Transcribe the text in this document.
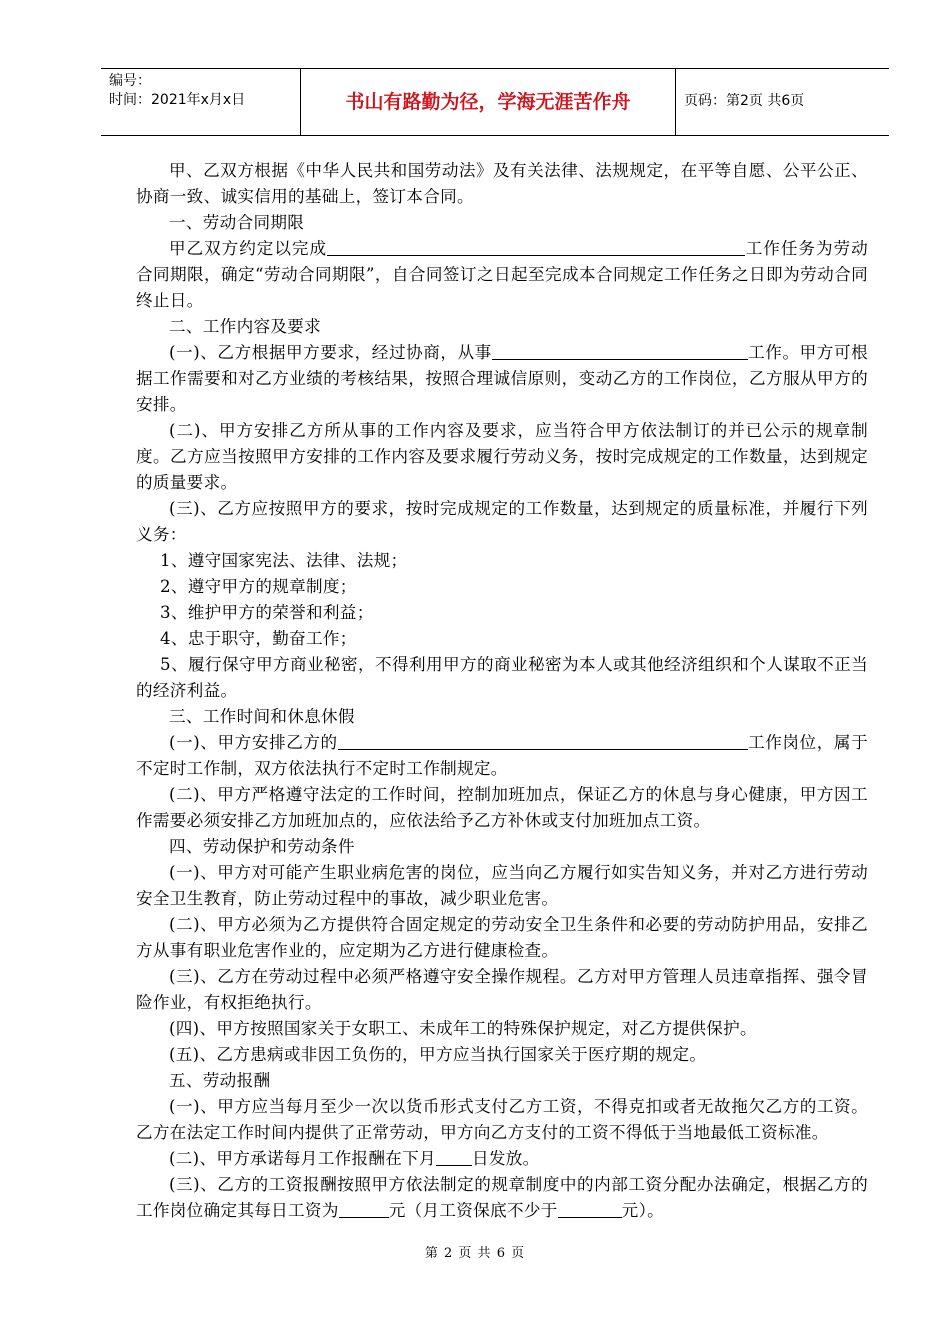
编号：
时间：2021年x月x日	书山有路勤为径，学海无涯苦作舟	页码：第2页 共6页

甲、乙双方根据《中华人民共和国劳动法》及有关法律、法规规定，在平等自愿、公平公正、协商一致、诚实信用的基础上，签订本合同。

一、劳动合同期限

甲乙双方约定以完成	工作任务为劳动合同期限，确定“劳动合同期限”，自合同签订之日起至完成本合同规定工作任务之日即为劳动合同终止日。

二、工作内容及要求

(一)、乙方根据甲方要求，经过协商，从事	工作。甲方可根据工作需要和对乙方业绩的考核结果，按照合理诚信原则，变动乙方的工作岗位，乙方服从甲方的安排。

(二)、甲方安排乙方所从事的工作内容及要求，应当符合甲方依法制订的并已公示的规章制度。乙方应当按照甲方安排的工作内容及要求履行劳动义务，按时完成规定的工作数量，达到规定的质量要求。

(三)、乙方应按照甲方的要求，按时完成规定的工作数量，达到规定的质量标准，并履行下列义务：

1、遵守国家宪法、法律、法规；

2、遵守甲方的规章制度；

3、维护甲方的荣誉和利益；

4、忠于职守，勤奋工作；

5、履行保守甲方商业秘密，不得利用甲方的商业秘密为本人或其他经济组织和个人谋取不正当的经济利益。

三、工作时间和休息休假

(一)、甲方安排乙方的	工作岗位，属于不定时工作制，双方依法执行不定时工作制规定。

(二)、甲方严格遵守法定的工作时间，控制加班加点，保证乙方的休息与身心健康，甲方因工作需要必须安排乙方加班加点的，应依法给予乙方补休或支付加班加点工资。

四、劳动保护和劳动条件

(一)、甲方对可能产生职业病危害的岗位，应当向乙方履行如实告知义务，并对乙方进行劳动安全卫生教育，防止劳动过程中的事故，减少职业危害。

(二)、甲方必须为乙方提供符合固定规定的劳动安全卫生条件和必要的劳动防护用品，安排乙方从事有职业危害作业的，应定期为乙方进行健康检查。

(三)、乙方在劳动过程中必须严格遵守安全操作规程。乙方对甲方管理人员违章指挥、强令冒险作业，有权拒绝执行。

(四)、甲方按照国家关于女职工、未成年工的特殊保护规定，对乙方提供保护。

(五)、乙方患病或非因工负伤的，甲方应当执行国家关于医疗期的规定。

五、劳动报酬

(一)、甲方应当每月至少一次以货币形式支付乙方工资，不得克扣或者无故拖欠乙方的工资。乙方在法定工作时间内提供了正常劳动，甲方向乙方支付的工资不得低于当地最低工资标准。

(二)、甲方承诺每月工作报酬在下月 日发放。

(三)、乙方的工资报酬按照甲方依法制定的规章制度中的内部工资分配办法确定，根据乙方的工作岗位确定其每日工资为	元（月工资保底不少于	元）。

第 2 页 共 6 页
